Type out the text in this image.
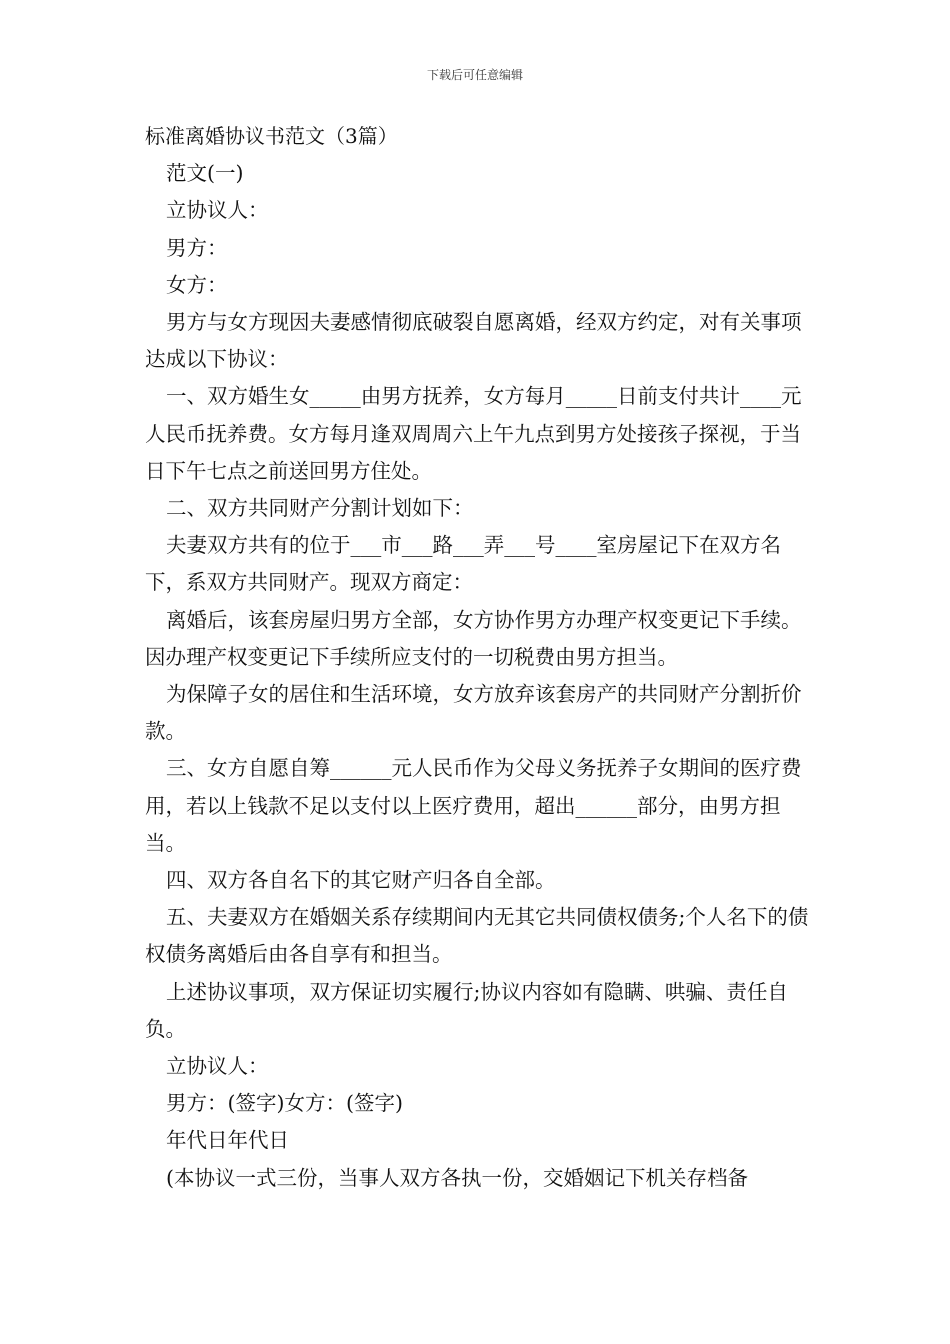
下载后可任意编辑

标准离婚协议书范文（3篇）

范文(一)

立协议人：

男方：

女方：

男方与女方现因夫妻感情彻底破裂自愿离婚，经双方约定，对有关事项达成以下协议：

一、双方婚生女_____由男方抚养，女方每月_____日前支付共计____元人民币抚养费。女方每月逢双周周六上午九点到男方处接孩子探视，于当日下午七点之前送回男方住处。

二、双方共同财产分割计划如下：

夫妻双方共有的位于___市___路___弄___号____室房屋记下在双方名下，系双方共同财产。现双方商定：

离婚后，该套房屋归男方全部，女方协作男方办理产权变更记下手续。因办理产权变更记下手续所应支付的一切税费由男方担当。

为保障子女的居住和生活环境，女方放弃该套房产的共同财产分割折价款。

三、女方自愿自筹______元人民币作为父母义务抚养子女期间的医疗费用，若以上钱款不足以支付以上医疗费用，超出______部分，由男方担当。

四、双方各自名下的其它财产归各自全部。

五、夫妻双方在婚姻关系存续期间内无其它共同债权债务;个人名下的债权债务离婚后由各自享有和担当。

上述协议事项，双方保证切实履行;协议内容如有隐瞒、哄骗、责任自负。

立协议人：

男方：(签字)女方：(签字)

年代日年代日

(本协议一式三份，当事人双方各执一份，交婚姻记下机关存档备
